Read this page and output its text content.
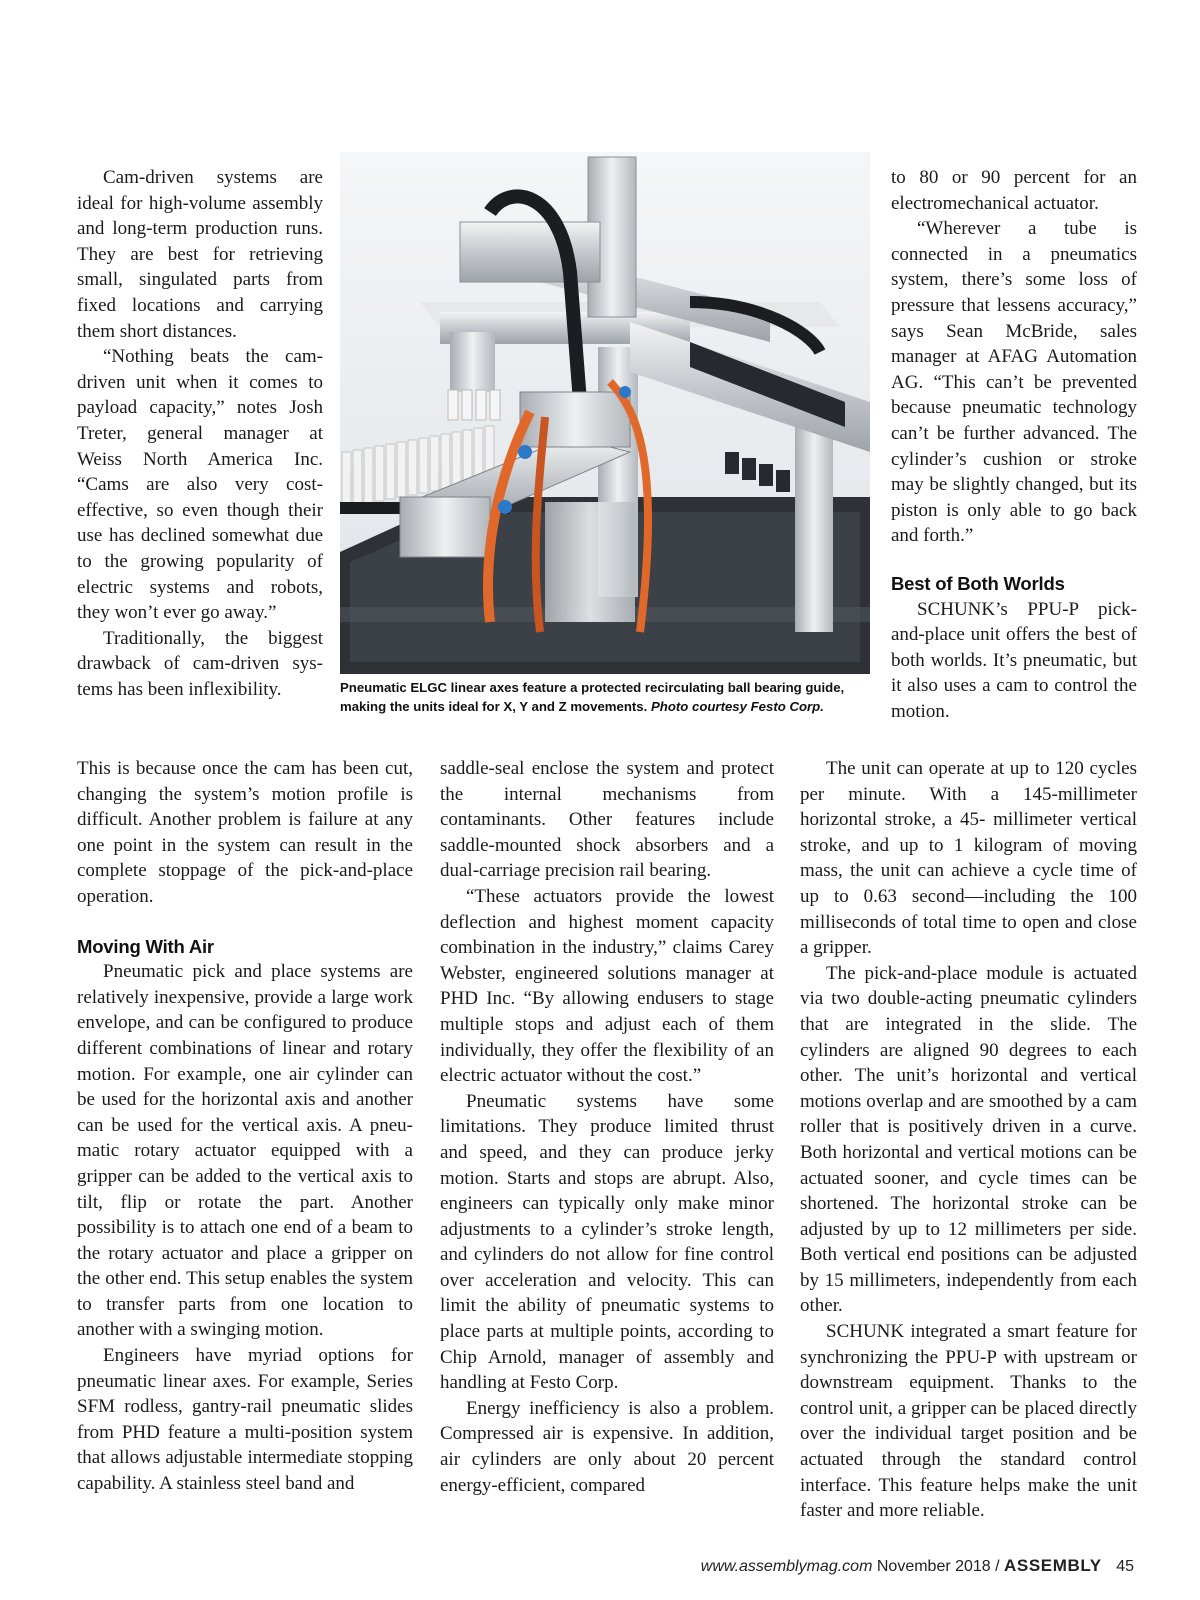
Cam-driven systems are ideal for high-volume assembly and long-term production runs. They are best for retrieving small, singulated parts from fixed locations and carrying them short distances.

“Nothing beats the camdriven unit when it comes to payload capacity,” notes Josh Treter, general manager at Weiss North America Inc. “Cams are also very costeffective, so even though their use has declined somewhat due to the growing popularity of electric systems and robots, they won’t ever go away.”

Traditionally, the biggest drawback of cam-driven systems has been inflexibility.

This is because once the cam has been cut, changing the system’s motion profile is difficult. Another problem is failure at any one point in the system can result in the complete stoppage of the pick-and-place operation.

Moving With Air

Pneumatic pick and place systems are relatively inexpensive, provide a large work envelope, and can be configured to produce different combinations of linear and rotary motion. For example, one air cylinder can be used for the horizontal axis and another can be used for the vertical axis. A pneumatic rotary actuator equipped with a gripper can be added to the vertical axis to tilt, flip or rotate the part. Another possibility is to attach one end of a beam to the rotary actuator and place a gripper on the other end. This setup enables the system to transfer parts from one location to another with a swinging motion.

Engineers have myriad options for pneumatic linear axes. For example, Series SFM rodless, gantry-rail pneumatic slides from PHD feature a multi-position system that allows adjustable intermediate stopping capability. A stainless steel band and

saddle-seal enclose the system and protect the internal mechanisms from contaminants. Other features include saddle-mounted shock absorbers and a dual-carriage precision rail bearing.

“These actuators provide the lowest deflection and highest moment capacity combination in the industry,” claims Carey Webster, engineered solutions manager at PHD Inc. “By allowing endusers to stage multiple stops and adjust each of them individually, they offer the flexibility of an electric actuator without the cost.”

Pneumatic systems have some limitations. They produce limited thrust and speed, and they can produce jerky motion. Starts and stops are abrupt. Also, engineers can typically only make minor adjustments to a cylinder’s stroke length, and cylinders do not allow for fine control over acceleration and velocity. This can limit the ability of pneumatic systems to place parts at multiple points, according to Chip Arnold, manager of assembly and handling at Festo Corp.

Energy inefficiency is also a problem. Compressed air is expensive. In addition, air cylinders are only about 20 percent energy-efficient, compared

to 80 or 90 percent for an electromechanical actuator.

“Wherever a tube is connected in a pneumatics system, there’s some loss of pressure that lessens accuracy,” says Sean McBride, sales manager at AFAG Automation AG. “This can’t be prevented because pneumatic technology can’t be further advanced. The cylinder’s cushion or stroke may be slightly changed, but its piston is only able to go back and forth.”

Best of Both Worlds

SCHUNK’s PPU-P pick-and-place unit offers the best of both worlds. It’s pneumatic, but it also uses a cam to control the motion.

The unit can operate at up to 120 cycles per minute. With a 145-millimeter horizontal stroke, a 45- millimeter vertical stroke, and up to 1 kilogram of moving mass, the unit can achieve a cycle time of up to 0.63 second—including the 100 milliseconds of total time to open and close a gripper.

The pick-and-place module is actuated via two double-acting pneumatic cylinders that are integrated in the slide. The cylinders are aligned 90 degrees to each other. The unit’s horizontal and vertical motions overlap and are smoothed by a cam roller that is positively driven in a curve. Both horizontal and vertical motions can be actuated sooner, and cycle times can be shortened. The horizontal stroke can be adjusted by up to 12 millimeters per side. Both vertical end positions can be adjusted by 15 millimeters, independently from each other.

SCHUNK integrated a smart feature for synchronizing the PPU-P with upstream or downstream equipment. Thanks to the control unit, a gripper can be placed directly over the individual target position and be actuated through the standard control interface. This feature helps make the unit faster and more reliable.

Pneumatic ELGC linear axes feature a protected recirculating ball bearing guide, making the units ideal for X, Y and Z movements. Photo courtesy Festo Corp.
www.assemblymag.com November 2018 / ASSEMBLY 45
